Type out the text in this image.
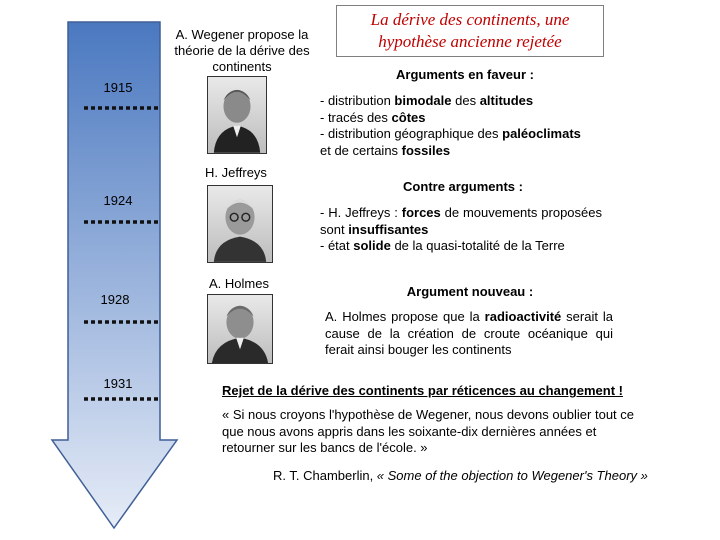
1915
1924
1928
1931
La dérive des continents, une
hypothèse ancienne rejetée
A. Wegener propose la
théorie de la dérive des
continents
H. Jeffreys
A. Holmes
Arguments en faveur :
- distribution bimodale des altitudes
- tracés des côtes
- distribution géographique des paléoclimats
et de certains fossiles
Contre arguments :
- H. Jeffreys : forces de mouvements proposées sont insuffisantes
- état solide de la quasi-totalité de la Terre
Argument nouveau :
A. Holmes propose que la radioactivité serait la cause de la création de croute océanique qui ferait ainsi bouger les continents
Rejet de la dérive des continents par réticences au changement !
« Si nous croyons l'hypothèse de Wegener, nous devons oublier tout ce
que nous avons appris dans les soixante-dix dernières années et
retourner sur les bancs de l'école. »
R. T. Chamberlin, « Some of the objection to Wegener's Theory »
